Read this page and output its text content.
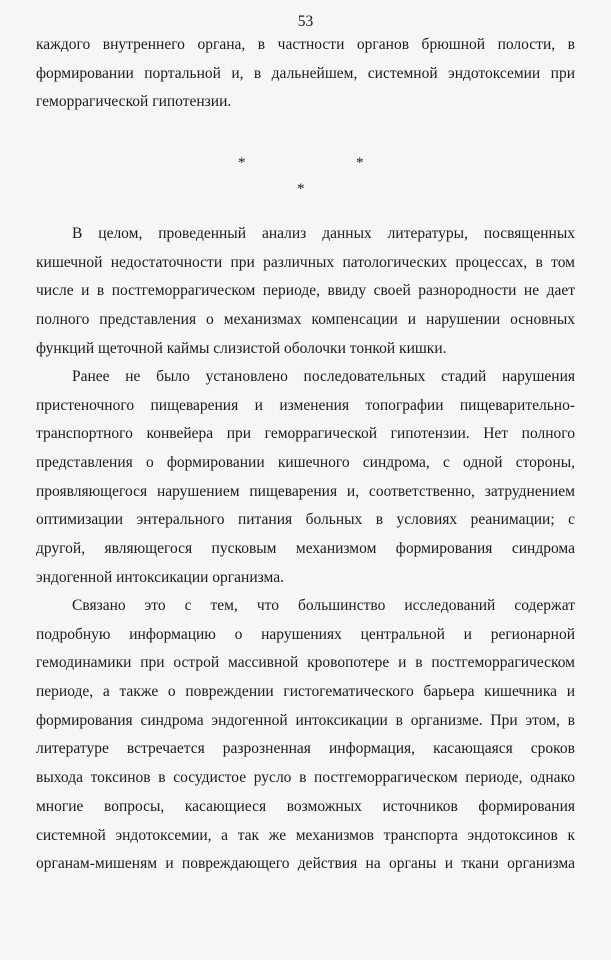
53
каждого внутреннего органа, в частности органов брюшной полости, в
формировании портальной и, в дальнейшем, системной эндотоксемии при
геморрагической гипотензии.
*	*
*
В целом, проведенный анализ данных литературы, посвященных
кишечной недостаточности при различных патологических процессах, в том
числе и в постгеморрагическом периоде, ввиду своей разнородности не дает
полного представления о механизмах компенсации и нарушении основных
функций щеточной каймы слизистой оболочки тонкой кишки.
Ранее не было установлено последовательных стадий нарушения
пристеночного пищеварения и изменения топографии пищеварительно-
транспортного конвейера при геморрагической гипотензии. Нет полного
представления о формировании кишечного синдрома, с одной стороны,
проявляющегося нарушением пищеварения и, соответственно, затруднением
оптимизации энтерального питания больных в условиях реанимации; с
другой, являющегося пусковым механизмом формирования синдрома
эндогенной интоксикации организма.
Связано это с тем, что большинство исследований содержат
подробную информацию о нарушениях центральной и регионарной
гемодинамики при острой массивной кровопотере и в постгеморрагическом
периоде, а также о повреждении гистогематического барьера кишечника и
формирования синдрома эндогенной интоксикации в организме. При этом, в
литературе встречается разрозненная информация, касающаяся сроков
выхода токсинов в сосудистое русло в постгеморрагическом периоде, однако
многие вопросы, касающиеся возможных источников формирования
системной эндотоксемии, а так же механизмов транспорта эндотоксинов к
органам-мишеням и повреждающего действия на органы и ткани организма
